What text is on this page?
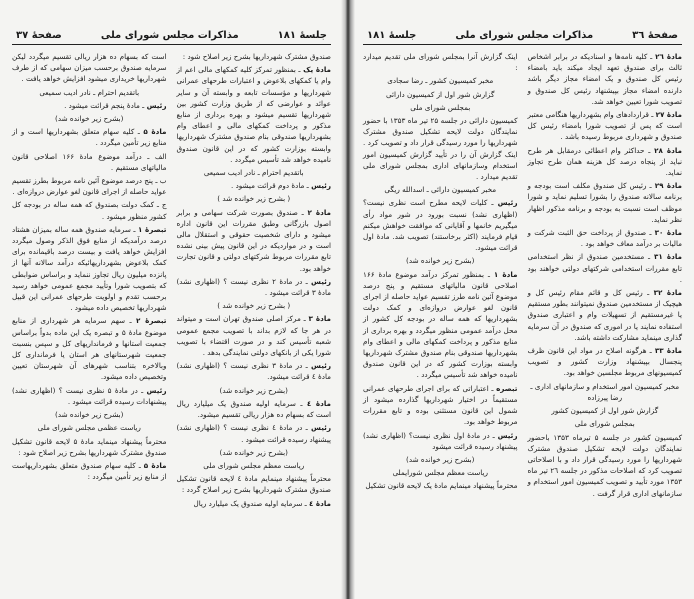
جلسهٔ ۱۸۱
مذاکرات مجلس شورای ملی
صفحهٔ ۳۷

صندوق مشترک شهرداریها بشرح زیر اصلاح شود :

مادهٔ یک ـ بمنظور تمرکز کلیه کمکهای مالی اعم از وام یا کمکهای بلاعوض و اعتبارات طرحهای عمرانی شهرداریها و مؤسسات تابعه و وابسته آن و سایر عوائد و عوارضی که از طریق وزارت کشور بین شهرداریها تقسیم میشود و بهره برداری از منابع مذکور و پرداخت کمکهای مالی و اعطای وام بشهرداریها صندوقی بنام صندوق مشترک شهرداریها وابسته بوزارت کشور که در این قانون صندوق نامیده خواهد شد تأسیس میگردد .

باتقدیم احترام ـ نادر ادیب سمیعی

رئیس ـ مادهٔ دوم قرائت میشود .

( بشرح زیر خوانده شد )

مادهٔ ۲ ـ صندوق بصورت شرکت سهامی و برابر اصول بازرگانی وطبق مقررات این قانون اداره میشود و دارای شخصیت حقوقی و استقلال مالی است و در مواردیکه در این قانون پیش بینی نشده تابع مقررات مربوط شرکتهای دولتی و قانون تجارت خواهد بود.

رئیس ـ در مادهٔ ۲ نظری نیست ؟ (اظهاری نشد) مادهٔ ۳ قرائت میشود .

( بشرح زیر خوانده شد )

مادهٔ ۳ ـ مرکز اصلی صندوق تهران است و میتواند در هر جا که لازم بداند با تصویب مجمع عمومی شعبه تأسیس کند و در صورت اقتضاء با تصویب شورا یکی از بانکهای دولتی نمایندگی بدهد .

رئیس ـ در مادهٔ ۳ نظری نیست ؟ (اظهاری نشد) مادهٔ ٤ قرائت میشود.

(بشرح زیر خوانده شد)

مادهٔ ٤ ـ سرمایه اولیه صندوق یک میلیارد ریال است که بسهام ده هزار ریالی تقسیم میشود.

رئیس ـ در مادهٔ ٤ نظری نیست ؟ (اظهاری نشد) پیشنهاد رسیده قرائت میشود .

(بشرح زیر خوانده شد)

ریاست معظم مجلس شورای ملی

محترماً پیشنهاد مینمایم مادهٔ ٤ لایحه قانون تشکیل صندوق مشترک شهرداریها بشرح زیر اصلاح گردد :

مادهٔ ٤ ـ سرمایه اولیه صندوق یک میلیارد ریال

است که بسهام ده هزار ریالی تقسیم میگردد لیکن سرمایه صندوق برحسب میزان سهامی که از طرف شهرداریها خریداری میشود افزایش خواهد یافت .

باتقدیم احترام ـ نادر ادیب سمیعی

رئیس ـ مادهٔ پنجم قرائت میشود .

(بشرح زیر خوانده شد)

مادهٔ ۵ ـ کلیه سهام متعلق بشهرداریها است و از منابع زیر تأمین میگردد .

الف ـ درآمد موضوع مادهٔ ۱۶۶ اصلاحی قانون مالیاتهای مستقیم .

ب ـ پنج درصد موضوع آئین نامه مربوط بطرز تقسیم عواید حاصله از اجرای قانون لغو عوارض دروازه‌ای .

ج ـ کمک دولت بصندوق که همه ساله در بودجه کل کشور منظور میشود .

تبصرهٔ ۱ ـ سرمایه صندوق همه ساله بمیزان هشتاد درصد درآمدیکه از منابع فوق الذکر وصول میگردد افزایش خواهد یافت و بیست درصد باقیمانده برای کمک بلاعوض بشهرداریهائیکه درآمد سالانه آنها از پانزده میلیون ریال تجاوز ننماید و براساس ضوابطی که بتصویب شورا وتأیید مجمع عمومی خواهد رسید برحسب تقدم و اولویت طرحهای عمرانی این قبیل شهرداریها تخصیص داده میشود .

تبصرهٔ ۲ ـ سهم سرمایه هر شهرداری از منابع موضوع مادهٔ ۵ و تبصره یک این ماده بدواً براساس جمعیت استانها و فرمانداریهای کل و سپس بنسبت جمعیت شهرستانهای هر استان یا فرمانداری کل وبالاخره بتناسب شهرهای آن شهرستان تعیین وتخصیص داده میشود.

رئیس ـ در مادهٔ ۵ نظری نیست ؟ (اظهاری نشد) پیشنهادات رسیده قرائت میشود .

(بشرح زیر خوانده شد)

ریاست عظمی مجلس شورای ملی

محترماً پیشنهاد مینماید مادهٔ ۵ لایحه قانون تشکیل صندوق مشترک شهرداریها بشرح زیر اصلاح شود :

مادهٔ ۵ ـ کلیه سهام صندوق متعلق بشهرداریهاست از منابع زیر تأمین میگردد :

صفحهٔ ۳٦
مذاکرات مجلس شورای ملی
جلسهٔ ۱۸۱

مادهٔ ۲٦ ـ کلیه نامه‌ها و اسنادیکه در برابر اشخاص ثالث برای صندوق تعهد ایجاد میکند باید بامضاء رئیس کل صندوق و یک امضاء مجاز دیگر باشد دارنده امضاء مجاز بپیشنهاد رئیس کل صندوق و تصویب شورا تعیین خواهد شد.

مادهٔ ۲۷ ـ قراردادهای وام بشهرداریها هنگامی معتبر است که پس از تصویب شورا بامضاء رئیس کل صندوق و شهرداری مربوط رسیده باشد .

مادهٔ ۲۸ ـ حداکثر وام اعطائی درمقابل هر طرح نباید از پنجاه درصد کل هزینه همان طرح تجاوز نماید.

مادهٔ ۲۹ ـ رئیس کل صندوق مکلف است بودجه و برنامه سالانه صندوق را بشورا تسلیم نماید و شورا موظف است نسبت به بودجه و برنامه مذکور اظهار نظر نماید.

مادهٔ ۳۰ ـ صندوق از پرداخت حق الثبت شرکت و مالیات بر درآمد معاف خواهد بود .

مادهٔ ۳۱ ـ مستخدمین صندوق از نظر استخدامی تابع مقررات استخدامی شرکتهای دولتی خواهند بود .

مادهٔ ۳۲ ـ رئیس کل و قائم مقام رئیس کل و هیچیک از مستخدمین صندوق نمیتوانند بطور مستقیم یا غیرمستقیم از تسهیلات وام و اعتباری صندوق استفاده نمایند یا در اموری که صندوق در آن سرمایه گذاری مینماید مشارکت داشته باشد.

مادهٔ ۳۳ ـ هرگونه اصلاح در مواد این قانون ظرف پنجسال بپیشنهاد وزارت کشور و تصویب کمیسیونهای مربوط مجلسین خواهد بود.

مخبر کمیسیون امور استخدام و سازمانهای اداری ـ رضا پیرزاده

گزارش شور اول از کمیسیون کشور

بمجلس شورای ملی

کمیسیون کشور در جلسه ۵ تیرماه ۱۳۵۳ باحضور نمایندگان دولت لایحه تشکیل صندوق مشترک شهرداریها را مورد رسیدگی قرار داد و با اصلاحاتی تصویب کرد که اصلاحات مذکور در جلسه ۲٦ تیر ماه ۱۳۵۳ مورد تأیید و تصویب کمیسیون امور استخدام و سازمانهای اداری قرار گرفت .

اینک گزارش آنرا بمجلس شورای ملی تقدیم میدارد :

مخبر کمیسیون کشور ـ رضا سجادی

گزارش شور اول از کمیسیون دارائی

بمجلس شورای ملی

کمیسیون دارائی در جلسه ۲۵ تیر ماه ۱۳۵۳ با حضور نمایندگان دولت لایحه تشکیل صندوق مشترک شهرداریها را مورد رسیدگی قرار داد و تصویب کرد . اینک گزارش آن را در تأیید گزارش کمیسیون امور استخدام وسازمانهای اداری بمجلس شورای ملی تقدیم میدارد .

مخبر کمیسیون دارائی ـ اسدالله ریگی

رئیس ـ کلیات لایحه مطرح است نظری نیست؟ (اظهاری نشد) نسبت بورود در شور مواد رأی میگیریم خانمها و آقایانی که موافقت خواهش میکنم قیام فرمایند (اکثر برخاستند) تصویب شد. مادهٔ اول قرائت میشود.

(بشرح زیر خوانده شد)

مادهٔ ۱ ـ بمنظور تمرکز درآمد موضوع مادهٔ ۱۶۶ اصلاحی قانون مالیاتهای مستقیم و پنج درصد موضوع آئین نامه طرز تقسیم عواید حاصله از اجرای قانون لغو عوارض دروازه‌ای و کمک دولت بشهرداریها که همه ساله در بودجه کل کشور از محل درآمد عمومی منظور میگردد و بهره برداری از منابع مذکور و پرداخت کمکهای مالی و اعطای وام بشهرداریها صندوقی بنام صندوق مشترک شهرداریها وابسته بوزارت کشور که در این قانون صندوق نامیده خواهد شد تأسیس میگردد .

تبصره ـ اعتباراتی که برای اجرای طرحهای عمرانی مستقیماً در اختیار شهرداریها گذارده میشود از شمول این قانون مستثنی بوده و تابع مقررات مربوط خواهد بود.

رئیس ـ در مادهٔ اول نظری نیست؟ (اظهاری نشد) پیشنهاد رسیده قرائت میشود

(بشرح زیر خوانده شد)

ریاست معظم مجلس شورایملی

محترماً پیشنهاد مینمایم مادهٔ یک لایحه قانون تشکیل
